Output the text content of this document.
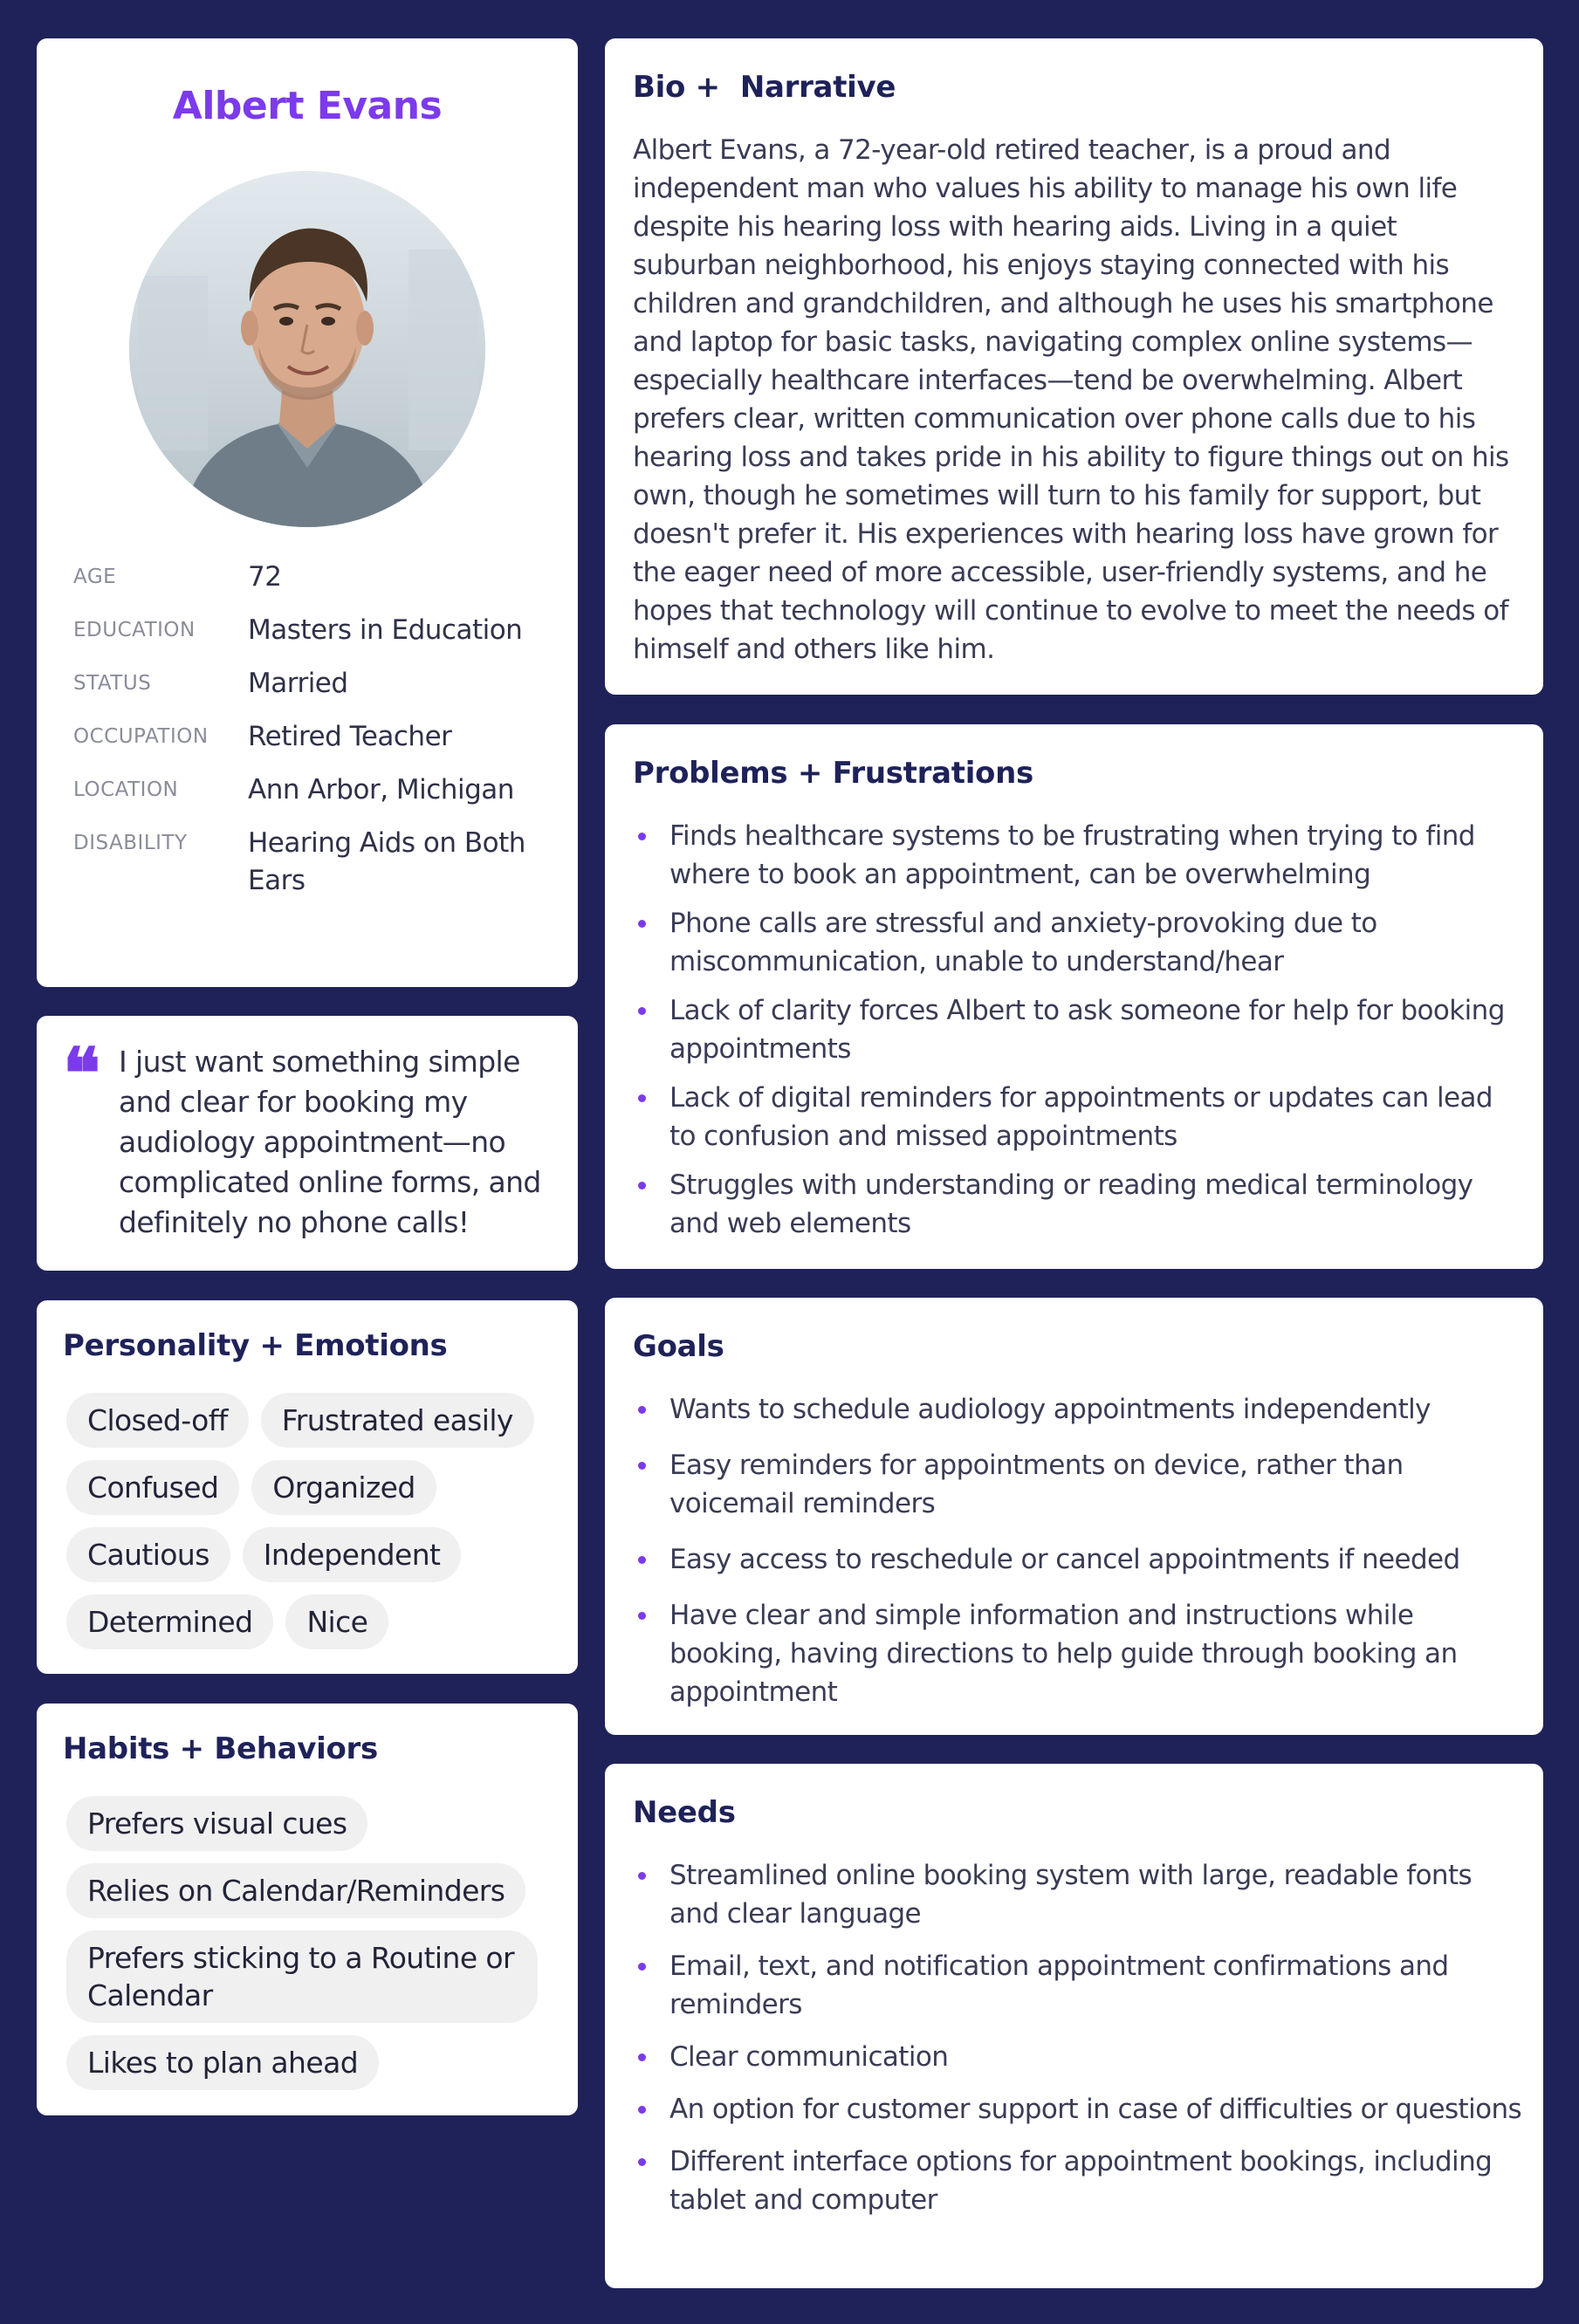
Albert Evans
AGE	72
EDUCATION	Masters in Education
STATUS	Married
OCCUPATION	Retired Teacher
LOCATION	Ann Arbor, Michigan
DISABILITY	Hearing Aids on Both Ears
❝ I just want something simple and clear for booking my audiology appointment—no complicated online forms, and definitely no phone calls!
Personality + Emotions
Closed-off	Frustrated easily
Confused	Organized
Cautious	Independent
Determined	Nice
Habits + Behaviors
Prefers visual cues
Relies on Calendar/Reminders
Prefers sticking to a Routine or Calendar
Likes to plan ahead
Bio +  Narrative

Albert Evans, a 72-year-old retired teacher, is a proud and independent man who values his ability to manage his own life despite his hearing loss with hearing aids. Living in a quiet suburban neighborhood, his enjoys staying connected with his children and grandchildren, and although he uses his smartphone and laptop for basic tasks, navigating complex online systems—especially healthcare interfaces—tend be overwhelming. Albert prefers clear, written communication over phone calls due to his hearing loss and takes pride in his ability to figure things out on his own, though he sometimes will turn to his family for support, but doesn't prefer it. His experiences with hearing loss have grown for the eager need of more accessible, user-friendly systems, and he hopes that technology will continue to evolve to meet the needs of himself and others like him.

Problems + Frustrations
Finds healthcare systems to be frustrating when trying to find where to book an appointment, can be overwhelming
Phone calls are stressful and anxiety-provoking due to miscommunication, unable to understand/hear
Lack of clarity forces Albert to ask someone for help for booking appointments
Lack of digital reminders for appointments or updates can lead to confusion and missed appointments
Struggles with understanding or reading medical terminology and web elements
Goals
Wants to schedule audiology appointments independently
Easy reminders for appointments on device, rather than voicemail reminders
Easy access to reschedule or cancel appointments if needed
Have clear and simple information and instructions while booking, having directions to help guide through booking an appointment
Needs
Streamlined online booking system with large, readable fonts and clear language
Email, text, and notification appointment confirmations and reminders
Clear communication
An option for customer support in case of difficulties or questions
Different interface options for appointment bookings, including tablet and computer
